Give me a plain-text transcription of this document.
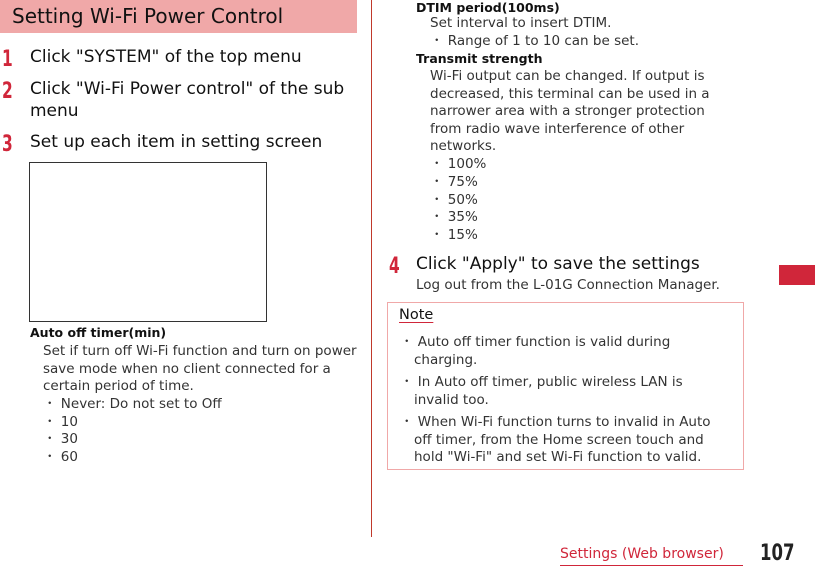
Setting Wi-Fi Power Control
1 Click "SYSTEM" of the top menu
2 Click "Wi-Fi Power control" of the sub menu
3 Set up each item in setting screen
Auto off timer(min)
Set if turn off Wi-Fi function and turn on power save mode when no client connected for a certain period of time.
・ Never: Do not set to Off
・ 10
・ 30
・ 60
DTIM period(100ms)
Set interval to insert DTIM.
・ Range of 1 to 10 can be set.
Transmit strength
Wi-Fi output can be changed. If output is decreased, this terminal can be used in a narrower area with a stronger protection from radio wave interference of other networks.
・ 100%
・ 75%
・ 50%
・ 35%
・ 15%
4 Click "Apply" to save the settings
Log out from the L-01G Connection Manager.
Note
・ Auto off timer function is valid during charging.
・ In Auto off timer, public wireless LAN is invalid too.
・ When Wi-Fi function turns to invalid in Auto off timer, from the Home screen touch and hold "Wi-Fi" and set Wi-Fi function to valid.
Settings (Web browser) 107
